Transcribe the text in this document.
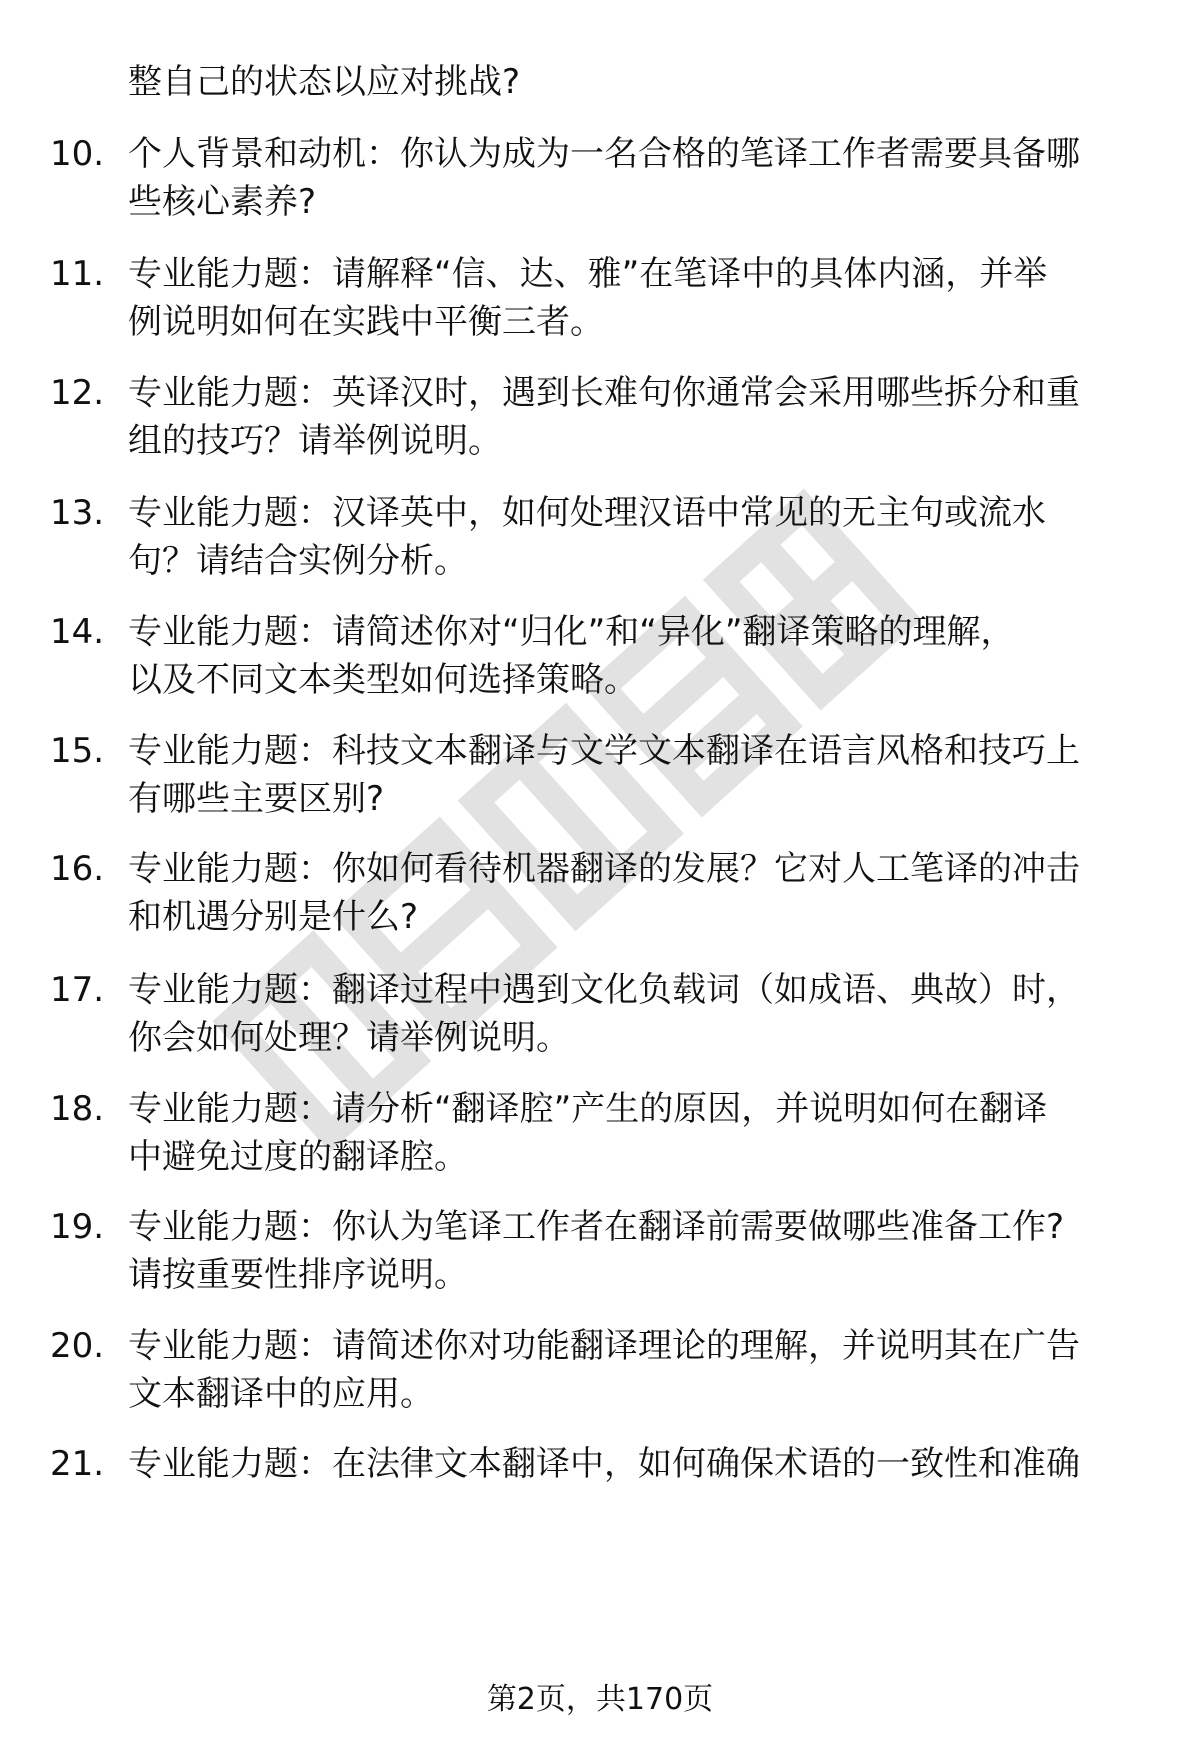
整自己的状态以应对挑战?
10. 个人背景和动机：你认为成为一名合格的笔译工作者需要具备哪
些核心素养?
11. 专业能力题：请解释“信、达、雅”在笔译中的具体内涵，并举
例说明如何在实践中平衡三者。
12. 专业能力题：英译汉时，遇到长难句你通常会采用哪些拆分和重
组的技巧？请举例说明。
13. 专业能力题：汉译英中，如何处理汉语中常见的无主句或流水
句？请结合实例分析。
14. 专业能力题：请简述你对“归化”和“异化”翻译策略的理解，
以及不同文本类型如何选择策略。
15. 专业能力题：科技文本翻译与文学文本翻译在语言风格和技巧上
有哪些主要区别?
16. 专业能力题：你如何看待机器翻译的发展？它对人工笔译的冲击
和机遇分别是什么?
17. 专业能力题：翻译过程中遇到文化负载词（如成语、典故）时，
你会如何处理？请举例说明。
18. 专业能力题：请分析“翻译腔”产生的原因，并说明如何在翻译
中避免过度的翻译腔。
19. 专业能力题：你认为笔译工作者在翻译前需要做哪些准备工作?
请按重要性排序说明。
20. 专业能力题：请简述你对功能翻译理论的理解，并说明其在广告
文本翻译中的应用。
21. 专业能力题：在法律文本翻译中，如何确保术语的一致性和准确
第2页，共170页
